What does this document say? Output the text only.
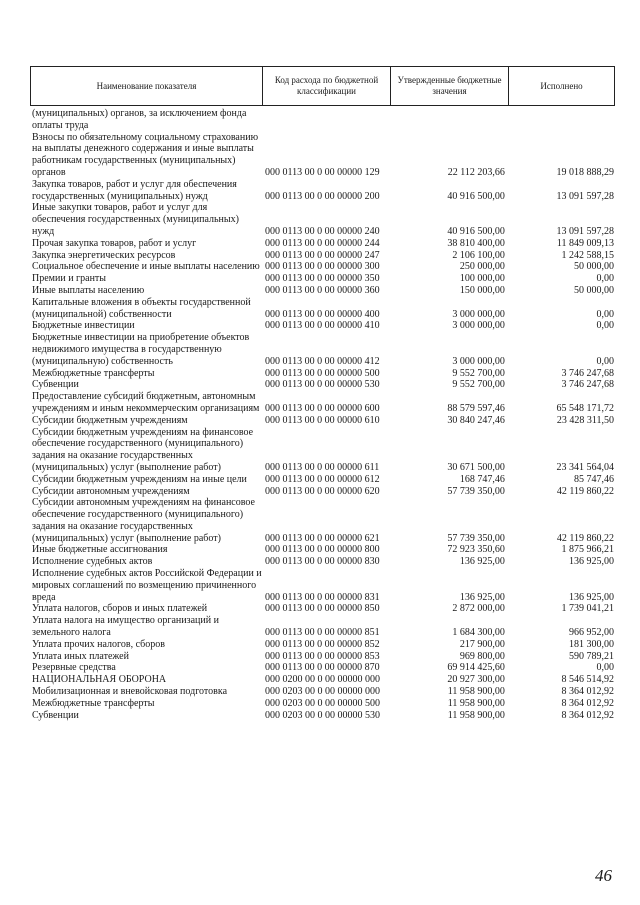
Наименование показателя	Код расхода по бюджетной классификации	Утвержденные бюджетные значения	Исполнено
(муниципальных) органов, за исключением фонда оплаты труда
Взносы по обязательному социальному страхованию на выплаты денежного содержания и иные выплаты работникам государственных (муниципальных) органов	000 0113 00 0 00 00000 129	22 112 203,66	19 018 888,29
Закупка товаров, работ и услуг для обеспечения государственных (муниципальных) нужд	000 0113 00 0 00 00000 200	40 916 500,00	13 091 597,28
Иные закупки товаров, работ и услуг для обеспечения государственных (муниципальных) нужд	000 0113 00 0 00 00000 240	40 916 500,00	13 091 597,28
Прочая закупка товаров, работ и услуг	000 0113 00 0 00 00000 244	38 810 400,00	11 849 009,13
Закупка энергетических ресурсов	000 0113 00 0 00 00000 247	2 106 100,00	1 242 588,15
Социальное обеспечение и иные выплаты населению 000 0113 00 0 00 00000 300	250 000,00	50 000,00
Премии и гранты	000 0113 00 0 00 00000 350	100 000,00	0,00
Иные выплаты населению	000 0113 00 0 00 00000 360	150 000,00	50 000,00
Капитальные вложения в объекты государственной (муниципальной) собственности	000 0113 00 0 00 00000 400	3 000 000,00	0,00
Бюджетные инвестиции	000 0113 00 0 00 00000 410	3 000 000,00	0,00
Бюджетные инвестиции на приобретение объектов недвижимого имущества в государственную (муниципальную) собственность	000 0113 00 0 00 00000 412	3 000 000,00	0,00
Межбюджетные трансферты	000 0113 00 0 00 00000 500	9 552 700,00	3 746 247,68
Субвенции	000 0113 00 0 00 00000 530	9 552 700,00	3 746 247,68
Предоставление субсидий бюджетным, автономным учреждениям и иным некоммерческим организациям 000 0113 00 0 00 00000 600	88 579 597,46	65 548 171,72
Субсидии бюджетным учреждениям	000 0113 00 0 00 00000 610	30 840 247,46	23 428 311,50
Субсидии бюджетным учреждениям на финансовое обеспечение государственного (муниципального) задания на оказание государственных (муниципальных) услуг (выполнение работ)	000 0113 00 0 00 00000 611	30 671 500,00	23 341 564,04
Субсидии бюджетным учреждениям на иные цели	000 0113 00 0 00 00000 612	168 747,46	85 747,46
Субсидии автономным учреждениям	000 0113 00 0 00 00000 620	57 739 350,00	42 119 860,22
Субсидии автономным учреждениям на финансовое обеспечение государственного (муниципального) задания на оказание государственных (муниципальных) услуг (выполнение работ)	000 0113 00 0 00 00000 621	57 739 350,00	42 119 860,22
Иные бюджетные ассигнования	000 0113 00 0 00 00000 800	72 923 350,60	1 875 966,21
Исполнение судебных актов	000 0113 00 0 00 00000 830	136 925,00	136 925,00
Исполнение судебных актов Российской Федерации и мировых соглашений по возмещению причиненного вреда	000 0113 00 0 00 00000 831	136 925,00	136 925,00
Уплата налогов, сборов и иных платежей	000 0113 00 0 00 00000 850	2 872 000,00	1 739 041,21
Уплата налога на имущество организаций и земельного налога	000 0113 00 0 00 00000 851	1 684 300,00	966 952,00
Уплата прочих налогов, сборов	000 0113 00 0 00 00000 852	217 900,00	181 300,00
Уплата иных платежей	000 0113 00 0 00 00000 853	969 800,00	590 789,21
Резервные средства	000 0113 00 0 00 00000 870	69 914 425,60	0,00
НАЦИОНАЛЬНАЯ ОБОРОНА	000 0200 00 0 00 00000 000	20 927 300,00	8 546 514,92
Мобилизационная и вневойсковая подготовка	000 0203 00 0 00 00000 000	11 958 900,00	8 364 012,92
Межбюджетные трансферты	000 0203 00 0 00 00000 500	11 958 900,00	8 364 012,92
Субвенции	000 0203 00 0 00 00000 530	11 958 900,00	8 364 012,92
46
